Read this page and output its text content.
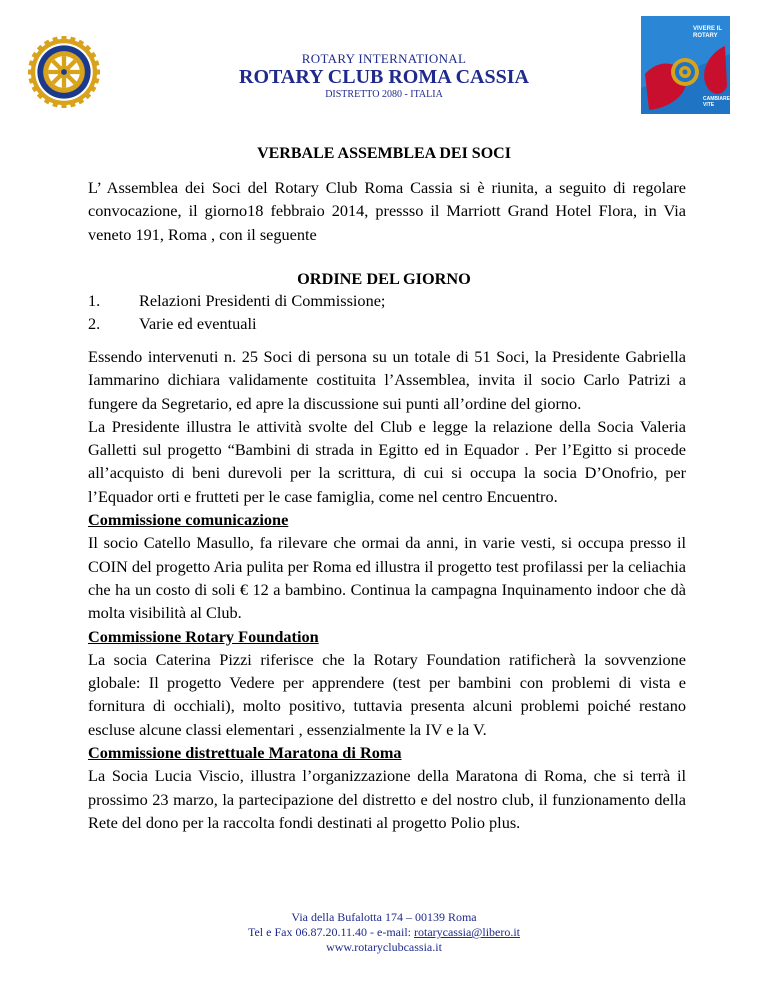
ROTARY INTERNATIONAL
ROTARY CLUB ROMA CASSIA
DISTRETTO 2080 - ITALIA
VIVERE IL
ROTARY
CAMBIARE
VITE
VERBALE ASSEMBLEA DEI SOCI

L’ Assemblea dei Soci del Rotary Club Roma Cassia si è riunita, a seguito di regolare convocazione, il giorno18 febbraio 2014, pressso il Marriott Grand Hotel Flora, in Via veneto 191, Roma , con il seguente

ORDINE DEL GIORNO
1.	Relazioni Presidenti di Commissione;
2.	Varie ed eventuali

Essendo intervenuti n. 25 Soci di persona su un totale di 51 Soci, la Presidente Gabriella Iammarino dichiara validamente costituita l’Assemblea, invita il socio Carlo Patrizi a fungere da Segretario, ed apre la discussione sui punti all’ordine del giorno.

La Presidente illustra le attività svolte del Club e legge la relazione della Socia Valeria Galletti sul progetto “Bambini di strada in Egitto ed in Equador . Per l’Egitto si procede all’acquisto di beni durevoli per la scrittura, di cui si occupa la socia D’Onofrio, per l’Equador orti e frutteti per le case famiglia, come nel centro Encuentro.

Commissione comunicazione

Il socio Catello Masullo, fa rilevare che ormai da anni, in varie vesti, si occupa presso il COIN del progetto Aria pulita per Roma ed illustra il progetto test profilassi per la celiachia che ha un costo di soli € 12 a bambino. Continua la campagna Inquinamento indoor che dà molta visibilità al Club.

Commissione Rotary Foundation

La socia Caterina Pizzi riferisce che la Rotary Foundation ratificherà la sovvenzione globale: Il progetto Vedere per apprendere (test per bambini con problemi di vista e fornitura di occhiali), molto positivo, tuttavia presenta alcuni problemi poiché restano escluse alcune classi elementari , essenzialmente la IV e la V.

Commissione distrettuale Maratona di Roma

La Socia Lucia Viscio, illustra l’organizzazione della Maratona di Roma, che si terrà il prossimo 23 marzo, la partecipazione del distretto e del nostro club, il funzionamento della Rete del dono per la raccolta fondi destinati al progetto Polio plus.

Via della Bufalotta 174 – 00139 Roma
Tel e Fax 06.87.20.11.40 - e-mail: rotarycassia@libero.it
www.rotaryclubcassia.it
